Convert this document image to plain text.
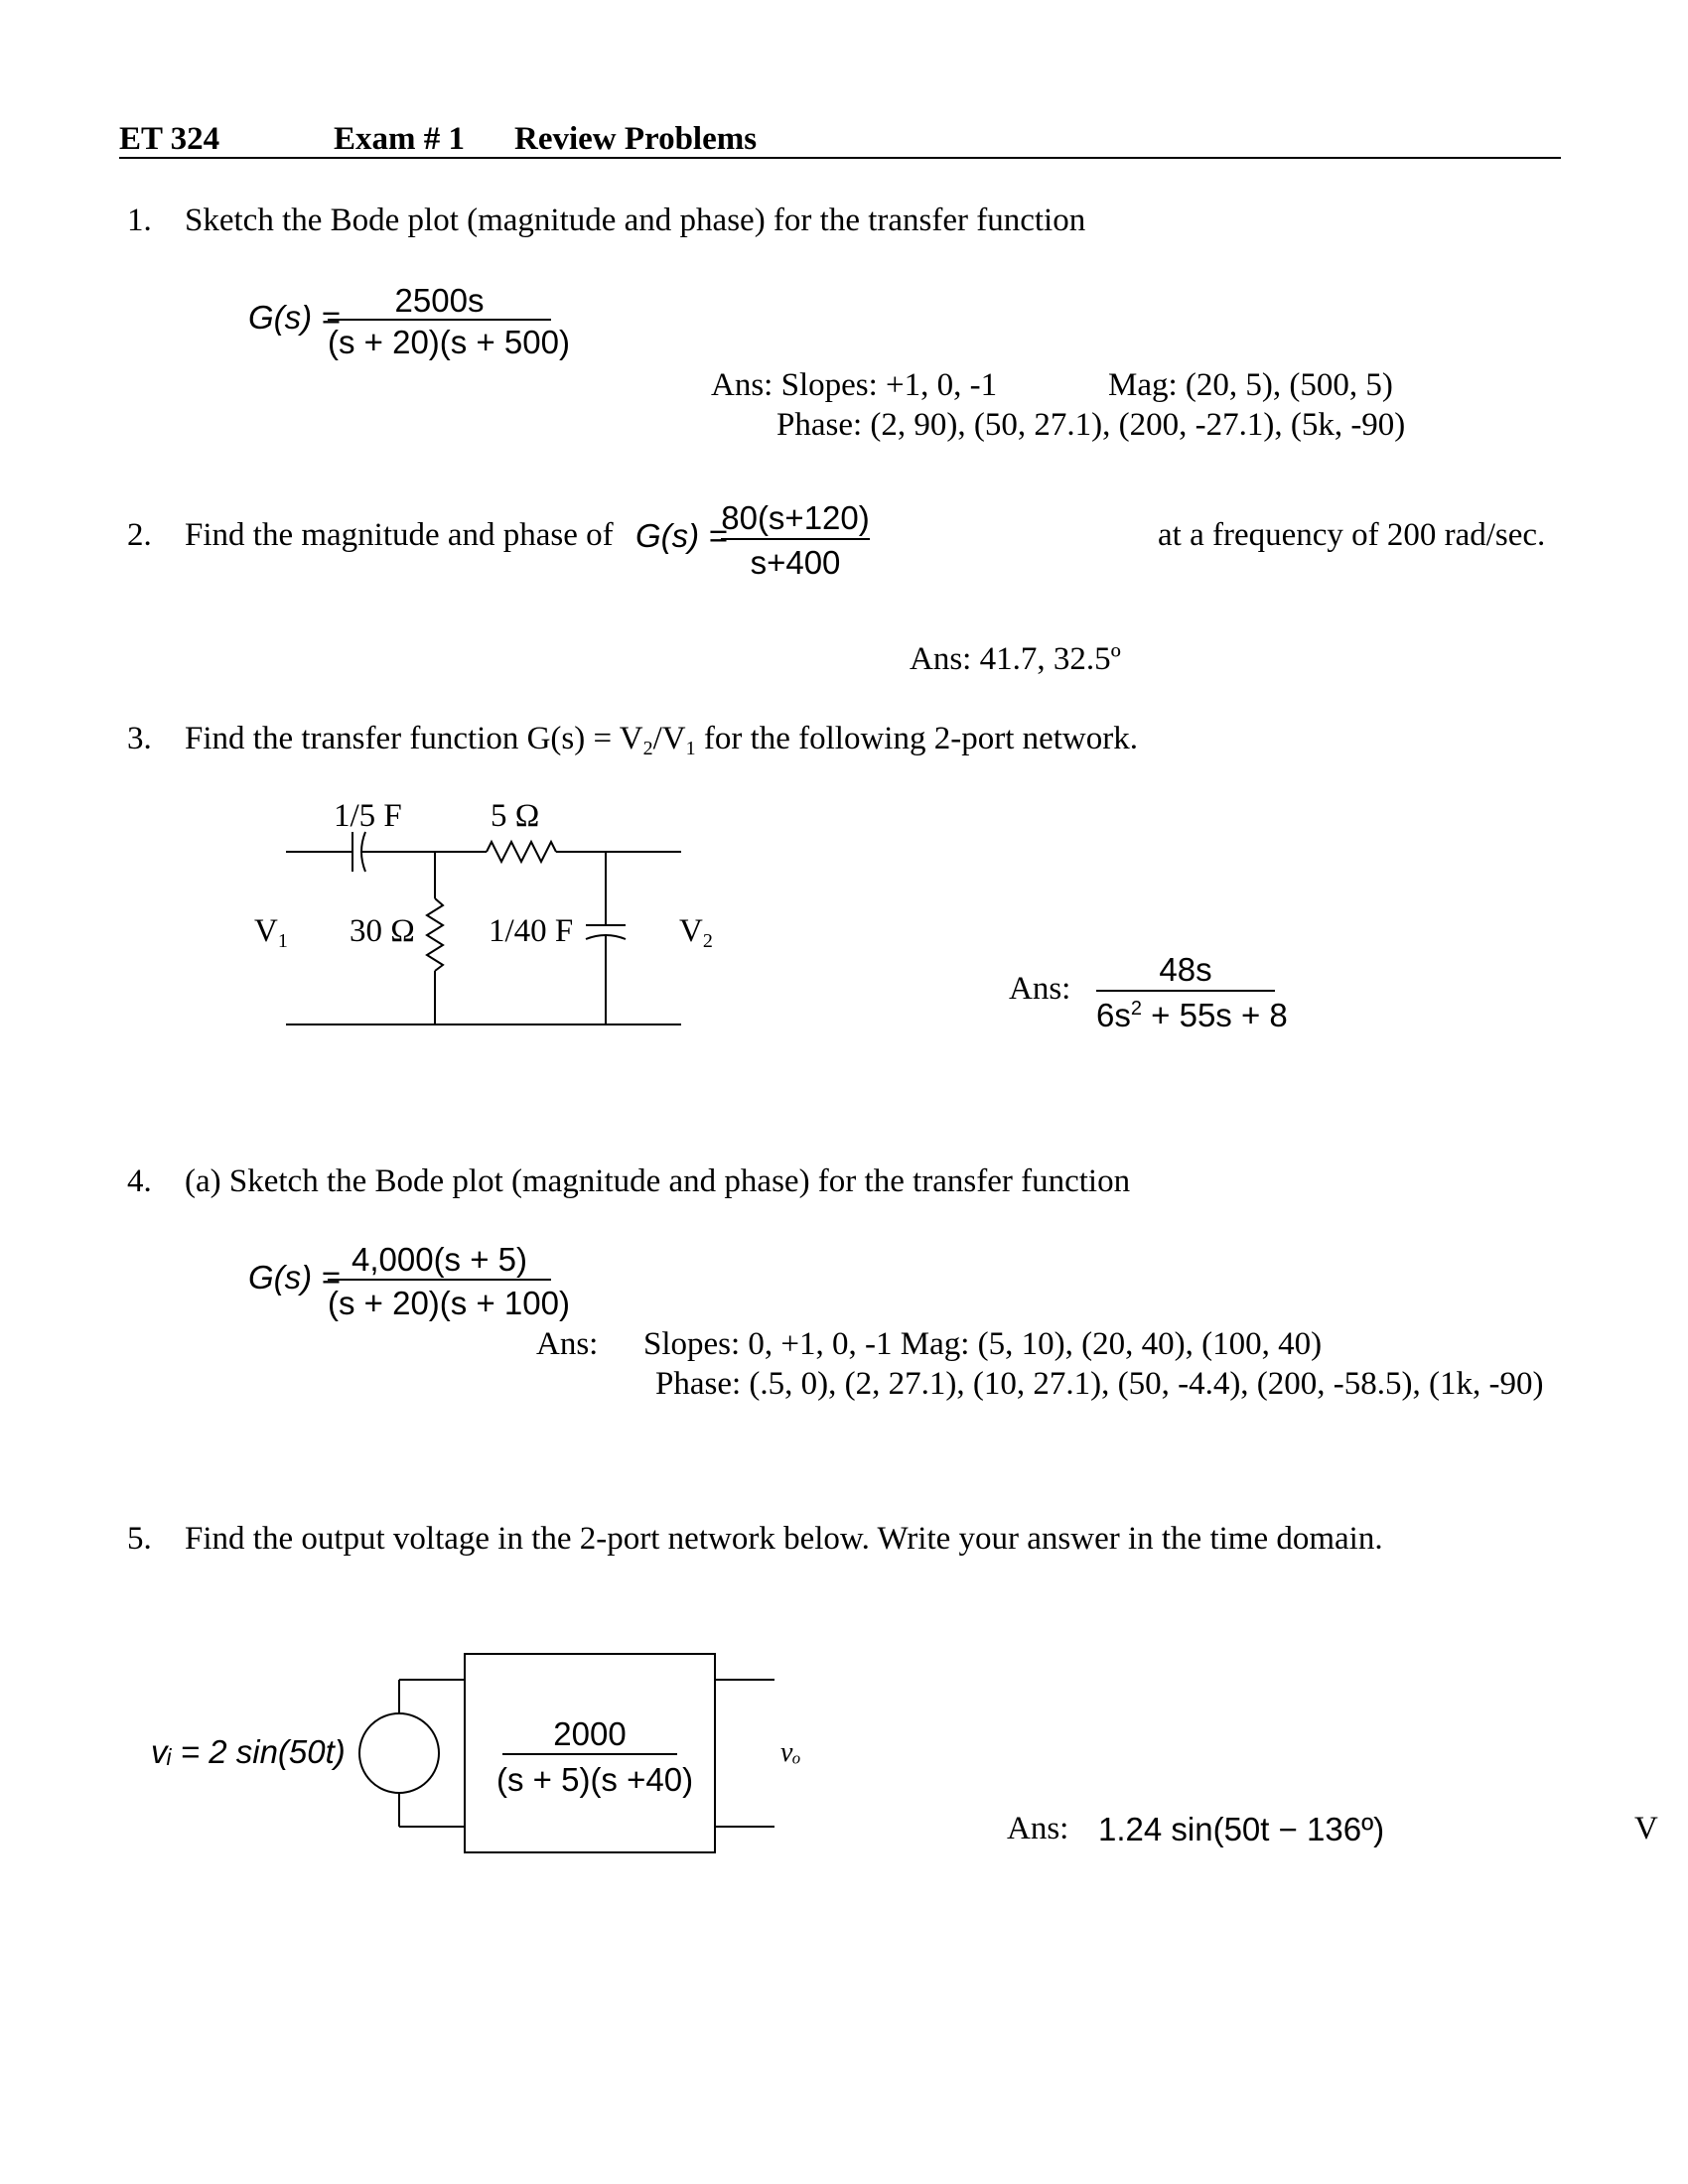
ET 324	Exam # 1 Review Problems
1. Sketch the Bode plot (magnitude and phase) for the transfer function
G(s) =	2500s
(s + 20)(s + 500)
Ans: Slopes: +1, 0, -1	Mag: (20, 5), (500, 5)
Phase: (2, 90), (50, 27.1), (200, -27.1), (5k, -90)
2. Find the magnitude and phase of G(s) =
80(s+120)
s+400
at a frequency of 200 rad/sec.
Ans: 41.7, 32.5º
3. Find the transfer function $G(s) = V_2/V_1$ for the following 2-port network.
1/5 F	5 Ω
30 Ω 1/40 F
$V_1$	$V_2$
Ans:
48s
$6s^2 + 55s + 8$
4. (a) Sketch the Bode plot (magnitude and phase) for the transfer function
G(s) = 4,000(s + 5)
(s + 20)(s + 100)
Ans: Slopes: 0, +1, 0, -1 Mag: (5, 10), (20, 40), (100, 40)
Phase: (.5, 0), (2, 27.1), (10, 27.1), (50, -4.4), (200, -58.5), (1k, -90)
5. Find the output voltage in the 2-port network below. Write your answer in the time domain.
vᵢ = 2 sin(50t)	2000
(s + 5)(s +40)
vₒ
Ans: 1.24 sin(50t − 136º)	V
